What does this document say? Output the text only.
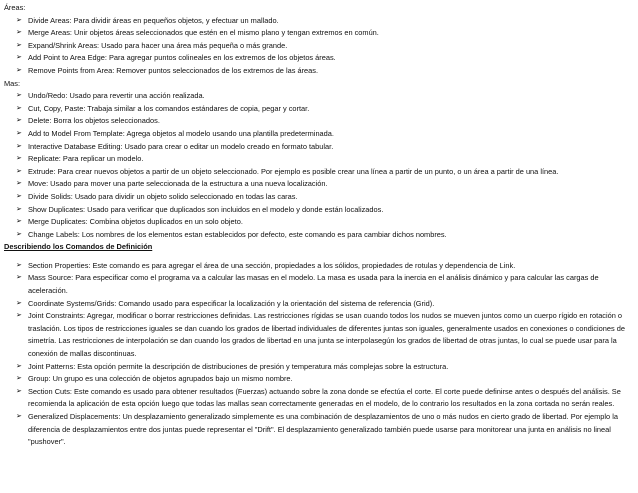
Áreas:
➢ Divide Areas: Para dividir áreas en pequeños objetos, y efectuar un mallado.
➢ Merge Areas: Unir objetos áreas seleccionados que estén en el mismo plano y tengan extremos en común.
➢ Expand/Shrink Areas: Usado para hacer una área más pequeña o más grande.
➢ Add Point to Area Edge: Para agregar puntos colineales en los extremos de los objetos áreas.
➢ Remove Points from Area: Remover puntos seleccionados de los extremos de las áreas.
Mas:
➢ Undo/Redo: Usado para revertir una acción realizada.
➢ Cut, Copy, Paste: Trabaja similar a los comandos estándares de copia, pegar y cortar.
➢ Delete: Borra los objetos seleccionados.
➢ Add to Model From Template: Agrega objetos al modelo usando una plantilla predeterminada.
➢ Interactive Database Editing: Usado para crear o editar un modelo creado en formato tabular.
➢ Replicate: Para replicar un modelo.
➢ Extrude: Para crear nuevos objetos a partir de un objeto seleccionado. Por ejemplo es posible crear una línea a partir de un punto, o un área a partir de una línea.
➢ Move: Usado para mover una parte seleccionada de la estructura a una nueva localización.
➢ Divide Solids: Usado para dividir un objeto solido seleccionado en todas las caras.
➢ Show Duplicates: Usado para verificar que duplicados son incluidos en el modelo y donde están localizados.
➢ Merge Duplicates: Combina objetos duplicados en un solo objeto.
➢ Change Labels: Los nombres de los elementos estan establecidos por defecto, este comando es para cambiar dichos nombres.
Describiendo los Comandos de Definición
➢ Section Properties: Este comando es para agregar el área de una sección, propiedades a los sólidos, propiedades de rotulas y dependencia de Link.
➢ Mass Source: Para especificar como el programa va a calcular las masas en el modelo. La masa es usada para la inercia en el análisis dinámico y para calcular las cargas de aceleración.
➢ Coordinate Systems/Grids: Comando usado para especificar la localización y la orientación del sistema de referencia (Grid).
➢ Joint Constraints: Agregar, modificar o borrar restricciones definidas. Las restricciones rígidas se usan cuando todos los nudos se mueven juntos como un cuerpo rígido en rotación o traslación. Los tipos de restricciones iguales se dan cuando los grados de libertad individuales de diferentes juntas son iguales, generalmente usados en conexiones o condiciones de simetría. Las restricciones de interpolación se dan cuando los grados de libertad en una junta se interpolasegún los grados de libertad de otras juntas, lo cual se puede usar para la conexión de mallas discontinuas.
➢ Joint Patterns: Esta opción permite la descripción de distribuciones de presión y temperatura más complejas sobre la estructura.
➢ Group: Un grupo es una colección de objetos agrupados bajo un mismo nombre.
➢ Section Cuts: Este comando es usado para obtener resultados (Fuerzas) actuando sobre la zona donde se efectúa el corte. El corte puede definirse antes o después del análisis. Se recomienda la aplicación de esta opción luego que todas las mallas sean correctamente generadas en el modelo, de lo contrario los resultados en la zona cortada no serán reales.
➢ Generalized Displacements: Un desplazamiento generalizado simplemente es una combinación de desplazamientos de uno o más nudos en cierto grado de libertad. Por ejemplo la diferencia de desplazamientos entre dos juntas puede representar el "Drift". El desplazamiento generalizado también puede usarse para monitorear una junta en análisis no lineal "pushover".
